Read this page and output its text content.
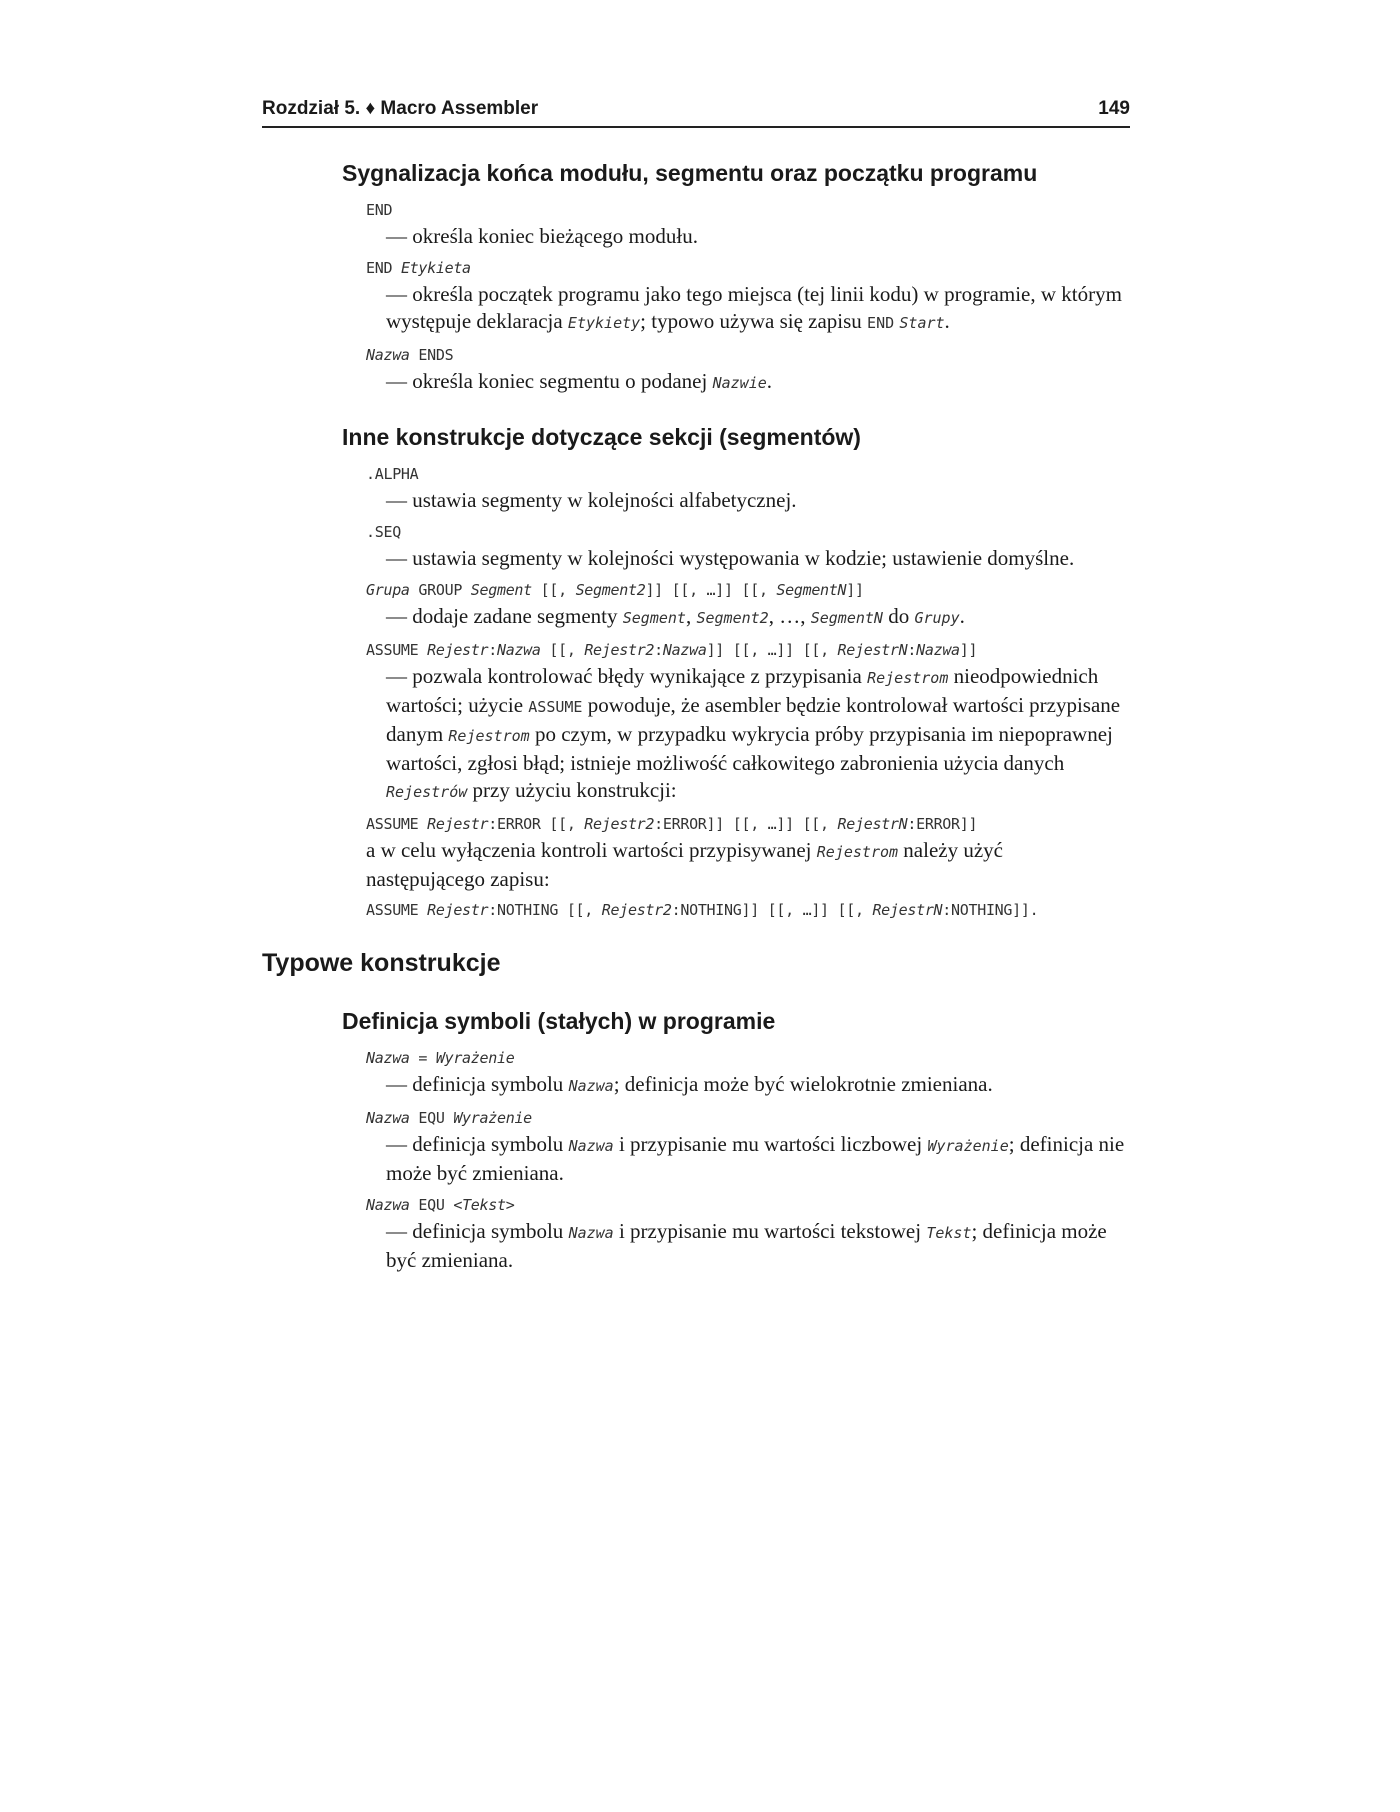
Rozdział 5. ♦ Macro Assembler	149
Sygnalizacja końca modułu, segmentu oraz początku programu
END
— określa koniec bieżącego modułu.
END Etykieta
— określa początek programu jako tego miejsca (tej linii kodu) w programie, w którym występuje deklaracja Etykiety; typowo używa się zapisu END Start.
Nazwa ENDS
— określa koniec segmentu o podanej Nazwie.
Inne konstrukcje dotyczące sekcji (segmentów)
.ALPHA
— ustawia segmenty w kolejności alfabetycznej.
.SEQ
— ustawia segmenty w kolejności występowania w kodzie; ustawienie domyślne.
Grupa GROUP Segment [[, Segment2]] [[, …]] [[, SegmentN]]
— dodaje zadane segmenty Segment, Segment2, …, SegmentN do Grupy.
ASSUME Rejestr:Nazwa [[, Rejestr2:Nazwa]] [[, …]] [[, RejestrN:Nazwa]]
— pozwala kontrolować błędy wynikające z przypisania Rejestrom nieodpowiednich wartości; użycie ASSUME powoduje, że asembler będzie kontrolował wartości przypisane danym Rejestrom po czym, w przypadku wykrycia próby przypisania im niepoprawnej wartości, zgłosi błąd; istnieje możliwość całkowitego zabronienia użycia danych Rejestrów przy użyciu konstrukcji:
ASSUME Rejestr:ERROR [[, Rejestr2:ERROR]] [[, …]] [[, RejestrN:ERROR]]
a w celu wyłączenia kontroli wartości przypisywanej Rejestrom należy użyć następującego zapisu:
ASSUME Rejestr:NOTHING [[, Rejestr2:NOTHING]] [[, …]] [[, RejestrN:NOTHING]].
Typowe konstrukcje
Definicja symboli (stałych) w programie
Nazwa = Wyrażenie
— definicja symbolu Nazwa; definicja może być wielokrotnie zmieniana.
Nazwa EQU Wyrażenie
— definicja symbolu Nazwa i przypisanie mu wartości liczbowej Wyrażenie; definicja nie może być zmieniana.
Nazwa EQU <Tekst>
— definicja symbolu Nazwa i przypisanie mu wartości tekstowej Tekst; definicja może być zmieniana.
